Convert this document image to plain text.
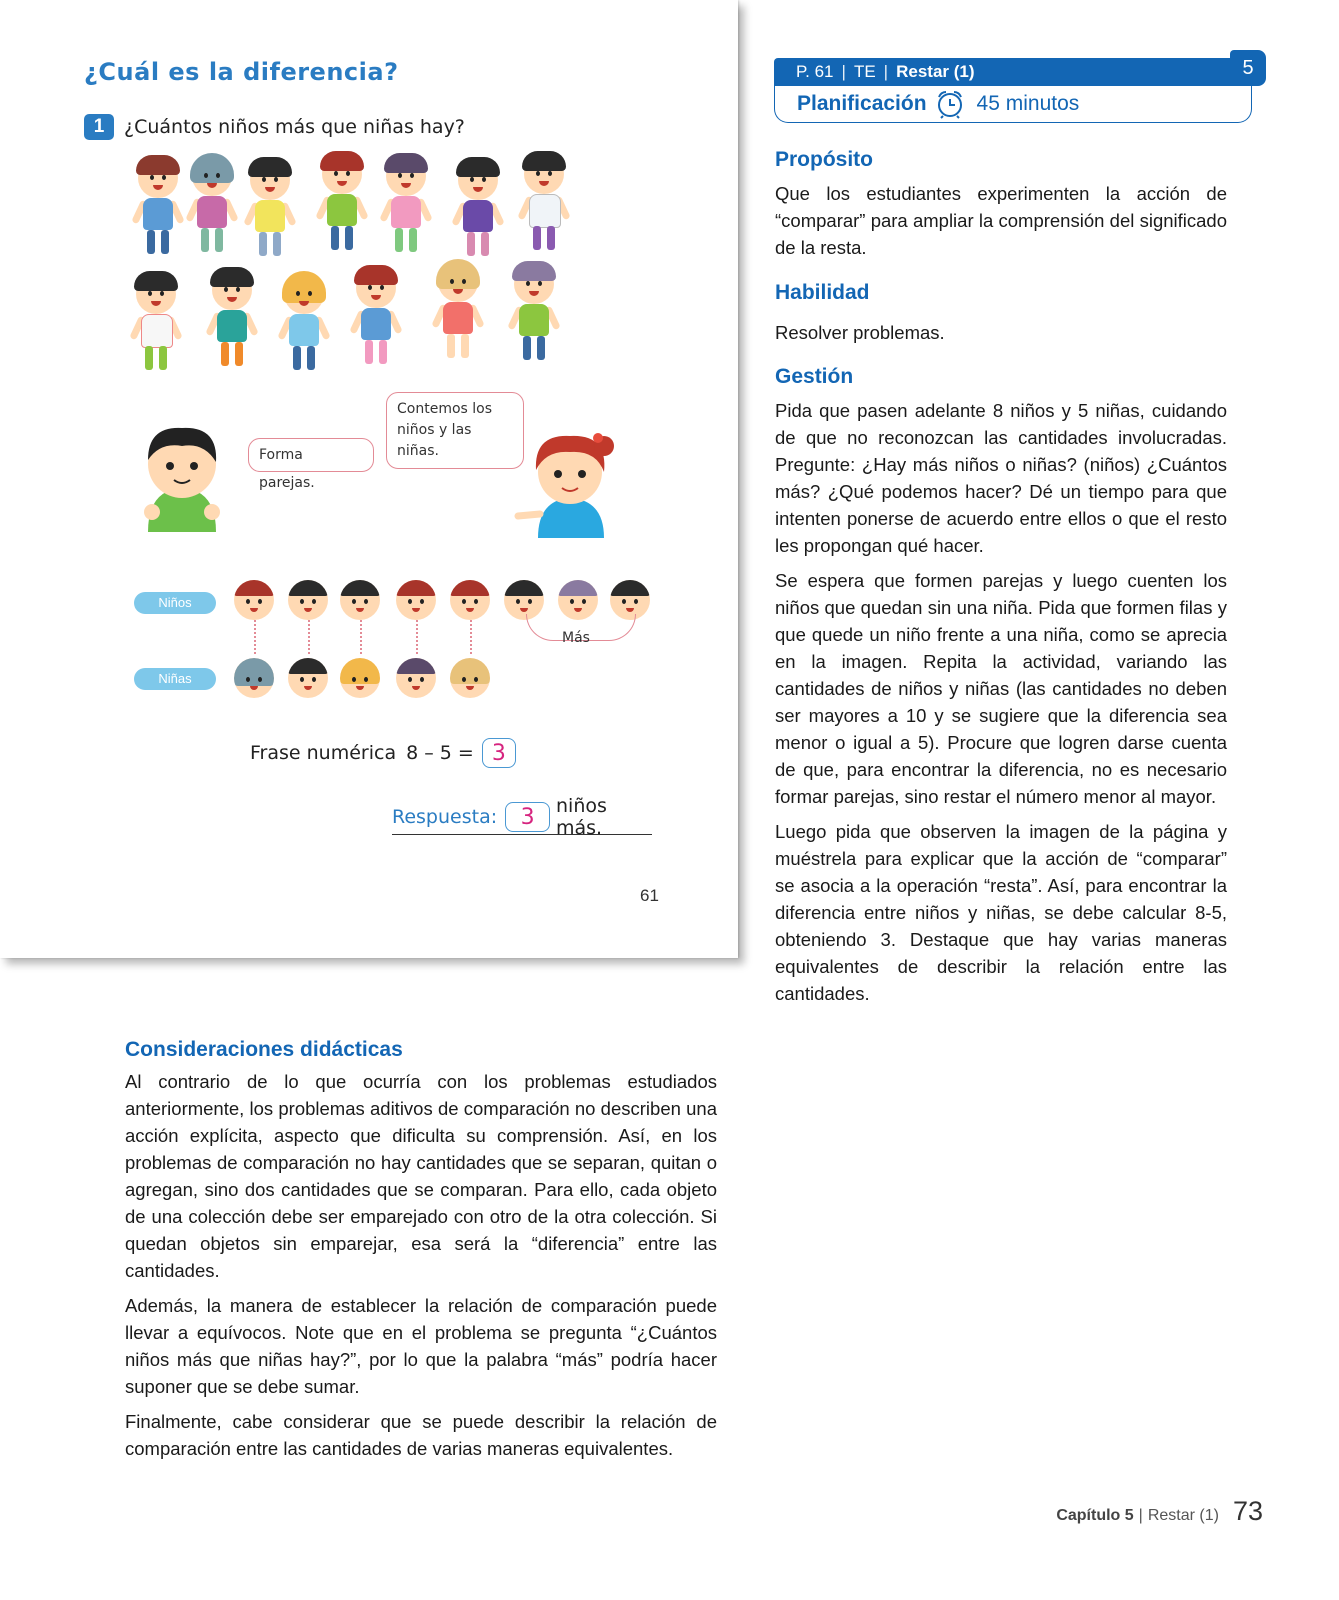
¿Cuál es la diferencia?
1	¿Cuántos niños más que niñas hay?
Forma parejas.
Contemos los
niños y las niñas.
Niños
Niñas
Más
Frase numérica 8 – 5 = 3
Respuesta:	3	niños más.
61
P. 61 | TE | Restar (1)
Planificación 45 minutos
5
Propósito

Que los estudiantes experimenten la acción de “comparar” para ampliar la comprensión del significado de la resta.

Habilidad

Resolver problemas.

Gestión

Pida que pasen adelante 8 niños y 5 niñas, cuidando de que no reconozcan las cantidades involucradas. Pregunte: ¿Hay más niños o niñas? (niños) ¿Cuántos más? ¿Qué podemos hacer? Dé un tiempo para que intenten ponerse de acuerdo entre ellos o que el resto les propongan qué hacer.

Se espera que formen parejas y luego cuenten los niños que quedan sin una niña. Pida que formen filas y que quede un niño frente a una niña, como se aprecia en la imagen. Repita la actividad, variando las cantidades de niños y niñas (las cantidades no deben ser mayores a 10 y se sugiere que la diferencia sea menor o igual a 5). Procure que logren darse cuenta de que, para encontrar la diferencia, no es necesario formar parejas, sino restar el número menor al mayor.

Luego pida que observen la imagen de la página y muéstrela para explicar que la acción de “comparar” se asocia a la operación “resta”. Así, para encontrar la diferencia entre niños y niñas, se debe calcular 8-5, obteniendo 3. Destaque que hay varias maneras equivalentes de describir la relación entre las cantidades.

Consideraciones didácticas

Al contrario de lo que ocurría con los problemas estudiados anteriormente, los problemas aditivos de comparación no describen una acción explícita, aspecto que dificulta su comprensión. Así, en los problemas de comparación no hay cantidades que se separan, quitan o agregan, sino dos cantidades que se comparan. Para ello, cada objeto de una colección debe ser emparejado con otro de la otra colección. Si quedan objetos sin emparejar, esa será la “diferencia” entre las cantidades.

Además, la manera de establecer la relación de comparación puede llevar a equívocos. Note que en el problema se pregunta “¿Cuántos niños más que niñas hay?”, por lo que la palabra “más” podría hacer suponer que se debe sumar.

Finalmente, cabe considerar que se puede describir la relación de comparación entre las cantidades de varias maneras equivalentes.

Capítulo 5 | Restar (1) 73
